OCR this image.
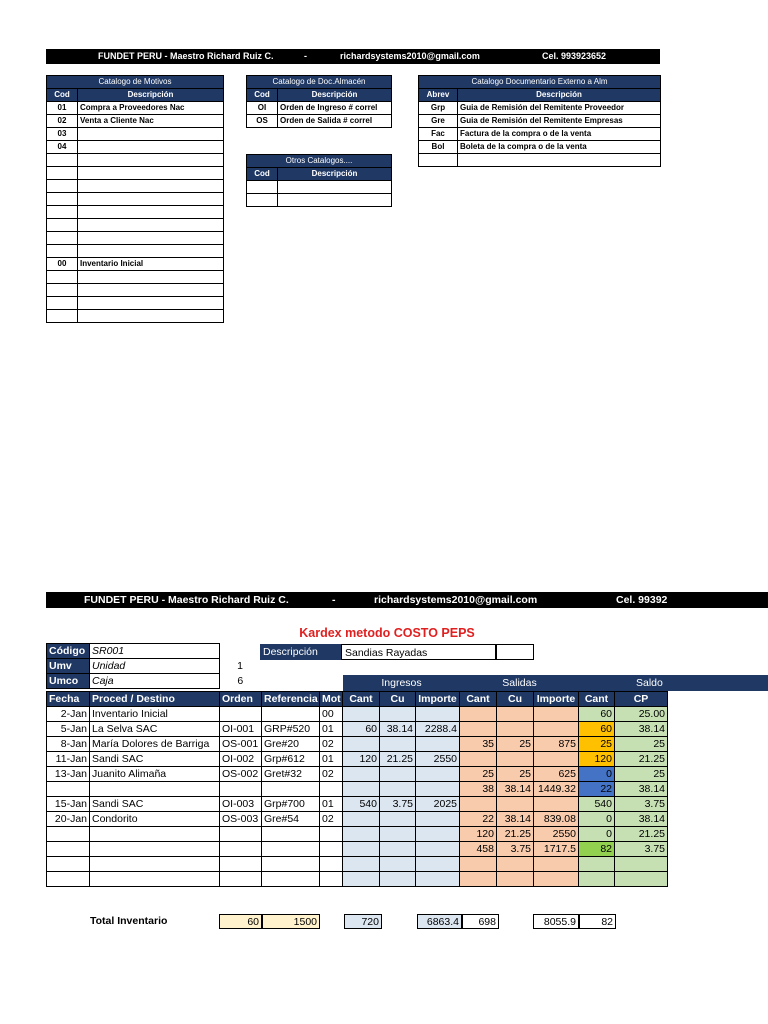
FUNDET PERU - Maestro Richard Ruiz C.	-	richardsystems2010@gmail.com	Cel. 993923652
Catalogo de Motivos	
Cod	Descripción
01	Compra a Proveedores Nac
02	Venta a Cliente Nac
03	
04	

00	Inventario Inicial

Catalogo de Doc.Almacén	
Cod	Descripción
OI	Orden de Ingreso # correl
OS	Orden de Salida # correl
Otros Catalogos....	
Cod	Descripción

Catalogo Documentario Externo a Alm	
Abrev	Descripción
Grp	Guia de Remisión del Remitente Proveedor
Gre	Guia de Remisión del Remitente Empresas
Fac	Factura de la compra o de la venta
Bol	Boleta de la compra o de la venta

FUNDET PERU - Maestro Richard Ruiz C.	-	richardsystems2010@gmail.com	Cel. 99392
Kardex metodo COSTO PEPS
Código	SR001	
Umv	Unidad	1
Umco	Caja	6
Descripción	Sandias Rayadas
Ingresos	Salidas	Saldo
Fecha	Proced / Destino	Orden	Referencia	Mot	Cant	Cu	Importe	Cant	Cu	Importe	Cant	CP
2-Jan	Inventario Inicial			00							60	25.00
5-Jan	La Selva SAC	OI-001	GRP#520	01	60	38.14	2288.4				60	38.14
8-Jan	María Dolores de Barriga	OS-001	Gre#20	02				35	25	875	25	25
11-Jan	Sandi SAC	OI-002	Grp#612	01	120	21.25	2550				120	21.25
13-Jan	Juanito Alimaña	OS-002	Gret#32	02				25	25	625	0	25
								38	38.14	1449.32	22	38.14
15-Jan	Sandi SAC	OI-003	Grp#700	01	540	3.75	2025				540	3.75
20-Jan	Condorito	OS-003	Gre#54	02				22	38.14	839.08	0	38.14
								120	21.25	2550	0	21.25
								458	3.75	1717.5	82	3.75

Total Inventario	60	1500	720	6863.4	698	8055.9	82
